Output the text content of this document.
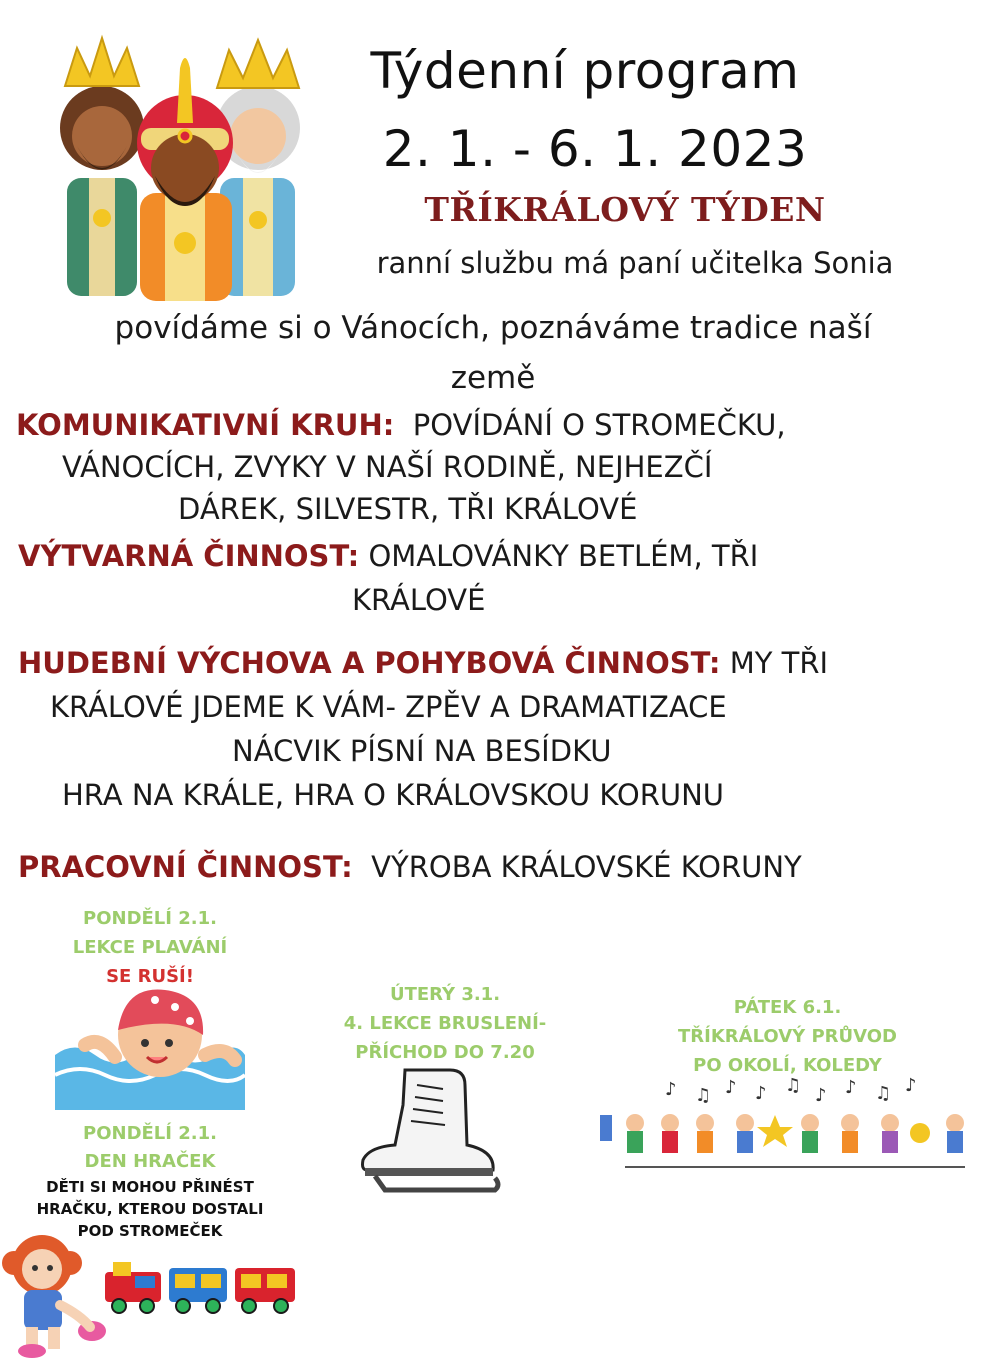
Týdenní program
2. 1. - 6. 1. 2023
TŘÍKRÁLOVÝ TÝDEN
ranní službu má paní učitelka Sonia
povídáme si o Vánocích, poznáváme tradice naší
země
KOMUNIKATIVNÍ KRUH: POVÍDÁNÍ O STROMEČKU,
VÁNOCÍCH, ZVYKY V NAŠÍ RODINĚ, NEJHEZČÍ
DÁREK, SILVESTR, TŘI KRÁLOVÉ
VÝTVARNÁ ČINNOST: OMALOVÁNKY BETLÉM, TŘI
KRÁLOVÉ
HUDEBNÍ VÝCHOVA A POHYBOVÁ ČINNOST: MY TŘI
KRÁLOVÉ JDEME K VÁM- ZPĚV A DRAMATIZACE
NÁCVIK PÍSNÍ NA BESÍDKU
HRA NA KRÁLE, HRA O KRÁLOVSKOU KORUNU
PRACOVNÍ ČINNOST: VÝROBA KRÁLOVSKÉ KORUNY
PONDĚLÍ 2.1.
LEKCE PLAVÁNÍ
SE RUŠÍ!
PONDĚLÍ 2.1.
DEN HRAČEK
DĚTI SI MOHOU PŘINÉST
HRAČKU, KTEROU DOSTALI
POD STROMEČEK
ÚTERÝ 3.1.
4. LEKCE BRUSLENÍ-
PŘÍCHOD DO 7.20
PÁTEK 6.1.
TŘÍKRÁLOVÝ PRŮVOD
PO OKOLÍ, KOLEDY
♪ ♫ ♪ ♪ ♫ ♪ ♪ ♫ ♪
